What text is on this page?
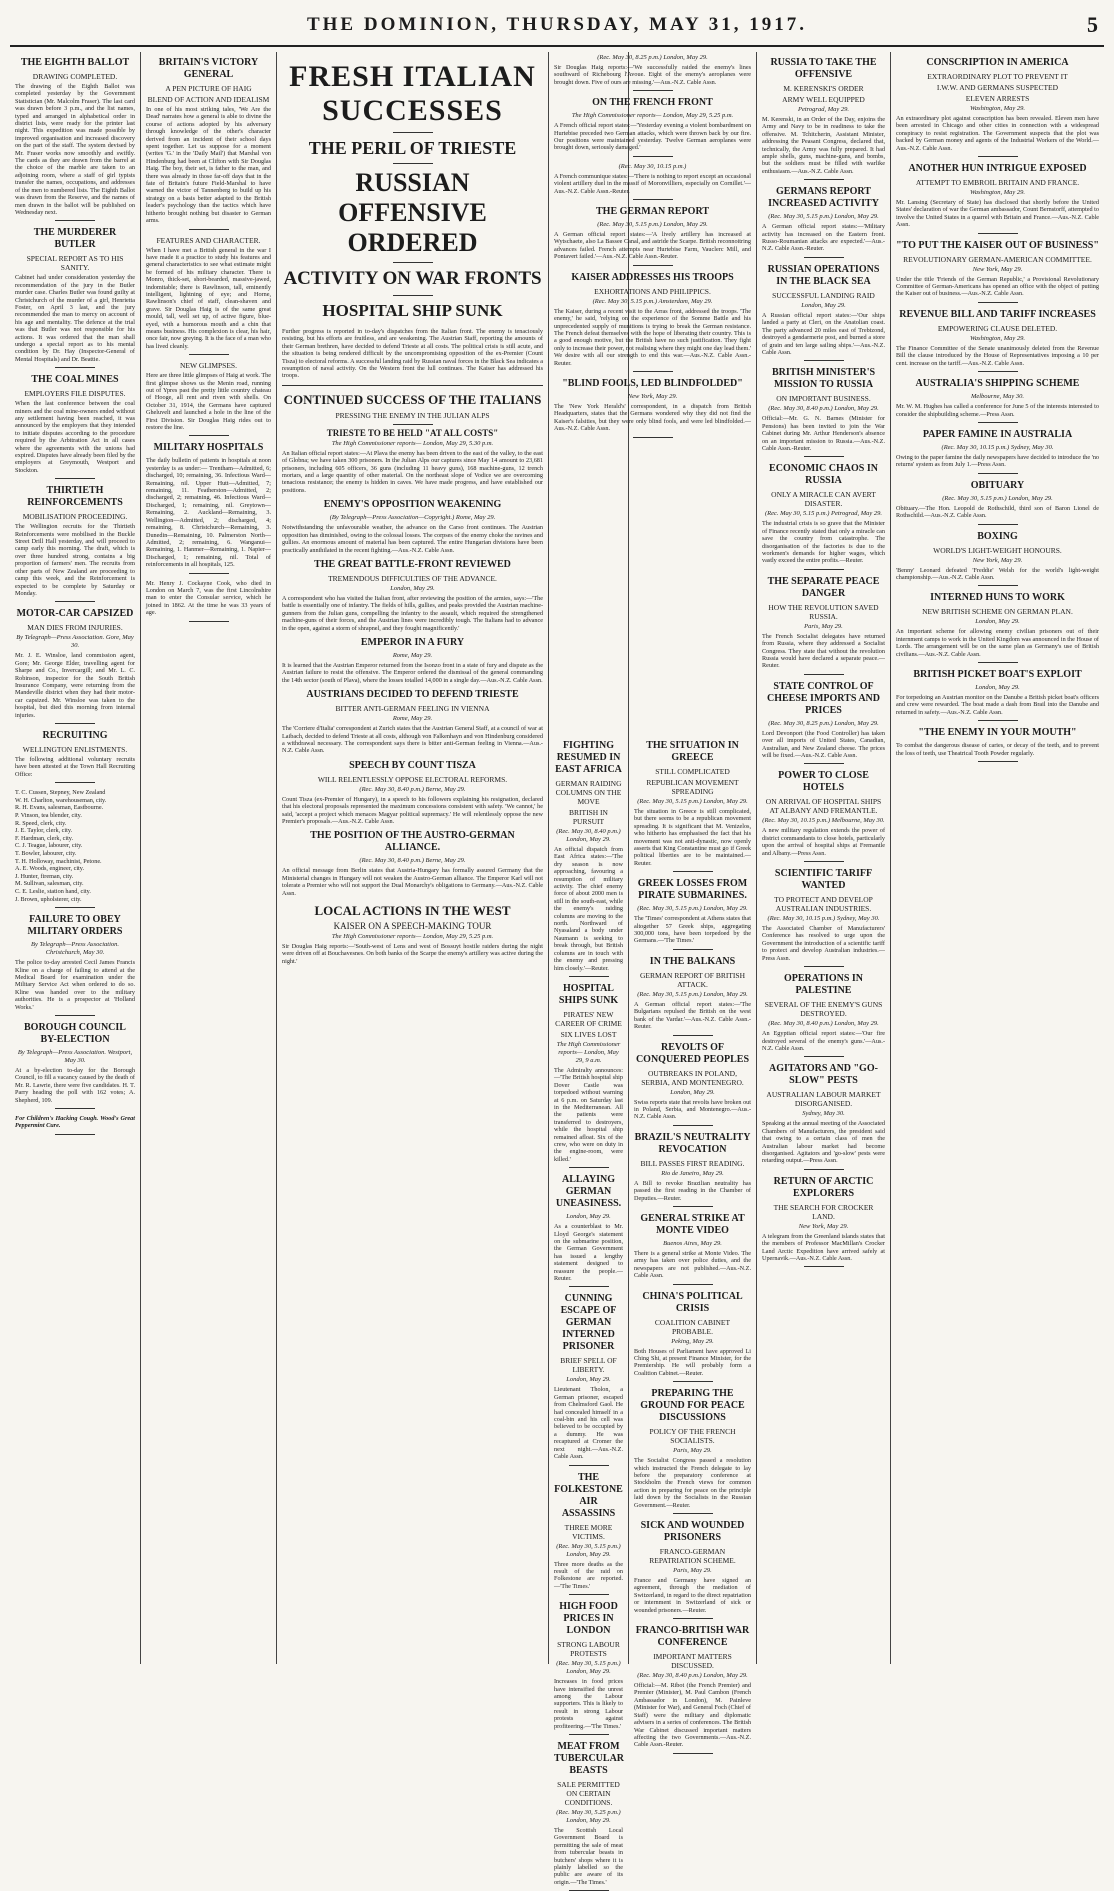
THE DOMINION, THURSDAY, MAY 31, 1917.	5
THE EIGHTH BALLOT
DRAWING COMPLETED.
The drawing of the Eighth Ballot was completed yesterday by the Government Statistician (Mr. Malcolm Fraser). The last card was drawn before 3 p.m., and the list names, typed and arranged in alphabetical order in district lists, were ready for the printer last night. This expedition was made possible by improved organisation and increased discovery on the part of the staff. The system devised by Mr. Fraser works now smoothly and swiftly. The cards as they are drawn from the barrel at the choice of the marble are taken to an adjoining room, where a staff of girl typists transfer the names, occupations, and addresses of the men to numbered lists. The Eighth Ballot was drawn from the Reserve, and the names of men drawn in the ballot will be published on Wednesday next.
THE MURDERER BUTLER
SPECIAL REPORT AS TO HIS SANITY.
Cabinet had under consideration yesterday the recommendation of the jury in the Butler murder case. Charles Butler was found guilty at Christchurch of the murder of a girl, Henrietta Foster, on April 3 last, and the jury recommended the man to mercy on account of his age and mentality. The defence at the trial was that Butler was not responsible for his actions. It was ordered that the man shall undergo a special report as to his mental condition by Dr. Hay (Inspector-General of Mental Hospitals) and Dr. Beattie.
THE COAL MINES
EMPLOYERS FILE DISPUTES.
When the last conference between the coal miners and the coal mine-owners ended without any settlement having been reached, it was announced by the employers that they intended to initiate disputes according to the procedure required by the Arbitration Act in all cases where the agreements with the unions had expired. Disputes have already been filed by the employers at Greymouth, Westport and Stockton.
THIRTIETH REINFORCEMENTS
MOBILISATION PROCEEDING.
The Wellington recruits for the Thirtieth Reinforcements were mobilised in the Buckle Street Drill Hall yesterday, and will proceed to camp early this morning. The draft, which is over three hundred strong, contains a big proportion of farmers' men. The recruits from other parts of New Zealand are proceeding to camp this week, and the Reinforcement is expected to be complete by Saturday or Monday.
MOTOR-CAR CAPSIZED
MAN DIES FROM INJURIES.
By Telegraph—Press Association. Gore, May 30.
Mr. J. E. Winsloe, land commission agent, Gore; Mr. George Elder, travelling agent for Sharpe and Co., Invercargill; and Mr. L. C. Robinson, inspector for the South British Insurance Company, were returning from the Mandeville district when they had their motor-car capsized. Mr. Winsloe was taken to the hospital, but died this morning from internal injuries.
RECRUITING
WELLINGTON ENLISTMENTS.
The following additional voluntary recruits have been attested at the Town Hall Recruiting Office:
T. C. Cussen, Stepney, New Zealand
W. H. Charlton, warehouseman, city.
R. H. Evans, salesman, Eastbourne.
P. Vinson, tea blender, city.
R. Speed, clerk, city.
J. E. Taylor, clerk, city.
F. Hardman, clerk, city.
C. J. Teague, labourer, city.
T. Bowler, labourer, city.
T. H. Holloway, machinist, Petone.
A. E. Woods, engineer, city.
J. Hunter, fireman, city.
M. Sullivan, salesman, city.
C. E. Leslie, station hand, city.
J. Brown, upholsterer, city.
FAILURE TO OBEY MILITARY ORDERS
By Telegraph—Press Association. Christchurch, May 30.
The police to-day arrested Cecil James Francis Kline on a charge of failing to attend at the Medical Board for examination under the Military Service Act when ordered to do so. Kline was handed over to the military authorities. He is a prospector at 'Holland Works.'
BOROUGH COUNCIL BY-ELECTION
By Telegraph—Press Association. Westport, May 30.
At a by-election to-day for the Borough Council, to fill a vacancy caused by the death of Mr. R. Lawrie, there were five candidates. H. T. Parry heading the poll with 162 votes; A. Shepherd, 109.
For Children's Hacking Cough. Wood's Great Peppermint Cure.
BRITAIN'S VICTORY GENERAL
A PEN PICTURE OF HAIG
BLEND OF ACTION AND IDEALISM
In one of his most striking tales, 'We Are the Dead' narrates how a general is able to divine the course of actions adopted by his adversary through knowledge of the other's character derived from an incident of their school days spent together. Let us suppose for a moment (writes 'G.' in the 'Daily Mail') that Marshal von Hindenburg had been at Clifton with Sir Douglas Haig. The boy, their set, is father to the man, and there was already in those far-off days that in the fate of Britain's future Field-Marshal to have warned the victor of Tannenberg to build up his strategy on a basis better adapted to the British leader's psychology than the tactics which have hitherto brought nothing but disaster to German arms.
FEATURES AND CHARACTER.
When I have met a British general in the war I have made it a practice to study his features and general characteristics to see what estimate might be formed of his military character. There is Monro, thick-set, short-bearded, massive-jawed, indomitable; there is Rawlinson, tall, eminently intelligent, lightning of eye; and Horne, Rawlinson's chief of staff, clean-shaven and grave. Sir Douglas Haig is of the same great mould, tall, well set up, of active figure, blue-eyed, with a humorous mouth and a chin that means business. His complexion is clear, his hair, once fair, now greying. It is the face of a man who has lived cleanly.
NEW GLIMPSES.
Here are three little glimpses of Haig at work. The first glimpse shows us the Menin road, running out of Ypres past the pretty little country chateau of Hooge, all rent and riven with shells. On October 31, 1914, the Germans have captured Gheluvelt and launched a hole in the line of the First Division. Sir Douglas Haig rides out to restore the line.
MILITARY HOSPITALS
The daily bulletin of patients in hospitals at noon yesterday is as under:— Trentham—Admitted, 6; discharged, 10; remaining, 36. Infectious Ward—Remaining, nil. Upper Hutt—Admitted, 7; remaining, 11. Featherston—Admitted, 2; discharged, 2; remaining, 46. Infectious Ward—Discharged, 1; remaining, nil. Greytown—Remaining, 2. Auckland—Remaining, 3. Wellington—Admitted, 2; discharged, 4; remaining, 8. Christchurch—Remaining, 3. Dunedin—Remaining, 10. Palmerston North—Admitted, 2; remaining, 6. Wanganui—Remaining, 1. Hanmer—Remaining, 1. Napier—Discharged, 1; remaining, nil. Total of reinforcements in all hospitals, 125.
Mr. Henry J. Cockayne Cook, who died in London on March 7, was the first Lincolnshire man to enter the Consular service, which he joined in 1862. At the time he was 33 years of age.
FRESH ITALIAN SUCCESSES
THE PERIL OF TRIESTE
RUSSIAN OFFENSIVE ORDERED
ACTIVITY ON WAR FRONTS
HOSPITAL SHIP SUNK
Further progress is reported in to-day's dispatches from the Italian front. The enemy is tenaciously resisting, but his efforts are fruitless, and are weakening. The Austrian Staff, reporting the amounts of their German brethren, have decided to defend Trieste at all costs. The political crisis is still acute, and the situation is being rendered difficult by the uncompromising opposition of the ex-Premier (Count Tisza) to electoral reforms. A successful landing raid by Russian naval forces in the Black Sea indicates a resumption of naval activity. On the Western front the lull continues. The Kaiser has addressed his troops.
CONTINUED SUCCESS OF THE ITALIANS
PRESSING THE ENEMY IN THE JULIAN ALPS
TRIESTE TO BE HELD "AT ALL COSTS"
The High Commissioner reports— London, May 29, 5.30 p.m.
An Italian official report states:—At Plava the enemy has been driven to the east of the valley, to the east of Globna; we have taken 300 prisoners. In the Julian Alps our captures since May 14 amount to 23,681 prisoners, including 605 officers, 36 guns (including 11 heavy guns), 168 machine-guns, 12 trench mortars, and a large quantity of other material. On the northeast slope of Vodice we are overcoming tenacious resistance; the enemy is hidden in caves. We have made progress, and have established our positions.
ENEMY'S OPPOSITION WEAKENING
(By Telegraph—Press Association—Copyright.) Rome, May 29.
Notwithstanding the unfavourable weather, the advance on the Carso front continues. The Austrian opposition has diminished, owing to the colossal losses. The corpses of the enemy choke the ravines and gullies. An enormous amount of material has been captured. The entire Hungarian divisions have been practically annihilated in the recent fighting.—Aus.-N.Z. Cable Assn.
THE GREAT BATTLE-FRONT REVIEWED
TREMENDOUS DIFFICULTIES OF THE ADVANCE.
London, May 29.
A correspondent who has visited the Italian front, after reviewing the position of the armies, says:—'The battle is essentially one of infantry. The fields of hills, gullies, and peaks provided the Austrian machine-gunners from the Julian guns, compelling the infantry to the assault, which required the strengthened machine-guns of their forces, and the Austrian lines were incredibly tough. The Italians had to advance in the open, against a storm of shrapnel, and they fought magnificently.'
EMPEROR IN A FURY
Rome, May 29.
It is learned that the Austrian Emperor returned from the Isonzo front in a state of fury and dispute as the Austrian failure to resist the offensive. The Emperor ordered the dismissal of the general commanding the 14th sector (south of Plava), where the losses totalled 14,000 in a single day.—Aus.-N.Z. Cable Assn.
AUSTRIANS DECIDED TO DEFEND TRIESTE
BITTER ANTI-GERMAN FEELING IN VIENNA
Rome, May 29.
The 'Corriere d'Italia' correspondent at Zurich states that the Austrian General Staff, at a council of war at Laibach, decided to defend Trieste at all costs, although von Falkenhayn and von Hindenburg considered a withdrawal necessary. The correspondent says there is bitter anti-German feeling in Vienna.—Aus.-N.Z. Cable Assn.
SPEECH BY COUNT TISZA
WILL RELENTLESSLY OPPOSE ELECTORAL REFORMS.
(Rec. May 30, 8.40 p.m.) Berne, May 29.
Count Tisza (ex-Premier of Hungary), in a speech to his followers explaining his resignation, declared that his electoral proposals represented the maximum concessions consistent with safety. 'We cannot,' he said, 'accept a project which menaces Magyar political supremacy.' He will relentlessly oppose the new Premier's proposals.—Aus.-N.Z. Cable Assn.
THE POSITION OF THE AUSTRO-GERMAN ALLIANCE.
(Rec. May 30, 8.40 p.m.) Berne, May 29.
An official message from Berlin states that Austria-Hungary has formally assured Germany that the Ministerial changes in Hungary will not weaken the Austro-German alliance. The Emperor Karl will not tolerate a Premier who will not support the Dual Monarchy's obligations to Germany.—Aus.-N.Z. Cable Assn.
LOCAL ACTIONS IN THE WEST
KAISER ON A SPEECH-MAKING TOUR
The High Commissioner reports— London, May 29, 5.25 p.m.
Sir Douglas Haig reports:—'South-west of Lens and west of Bossuyt hostile raiders during the night were driven off at Bouchavesnes. On both banks of the Scarpe the enemy's artillery was active during the night.'
(Rec. May 30, 8.25 p.m.) London, May 29.
Sir Douglas Haig reports:—'We successfully raided the enemy's lines southward of Richebourg l'Avoue. Eight of the enemy's aeroplanes were brought down. Five of ours are missing.'—Aus.-N.Z. Cable Assn.
ON THE FRENCH FRONT
The High Commissioner reports— London, May 29, 5.25 p.m.
A French official report states:—'Yesterday evening a violent bombardment on Hurtebise preceded two German attacks, which were thrown back by our fire. Our positions were maintained yesterday. Twelve German aeroplanes were brought down, seriously damaged.'
(Rec. May 30, 10.15 p.m.)
A French communique states:—'There is nothing to report except an occasional violent artillery duel in the massif of Moronvilliers, especially on Cornillet.'—Aus.-N.Z. Cable Assn.-Reuter.
THE GERMAN REPORT
(Rec. May 30, 5.15 p.m.) London, May 29.
A German official report states:—'A lively artillery has increased at Wytschaete, also La Bassee Canal, and astride the Scarpe. British reconnoitring advances failed. French attempts near Hurtebise Farm, Vauclerc Mill, and Pontavert failed.'—Aus.-N.Z. Cable Assn.-Reuter.
KAISER ADDRESSES HIS TROOPS
EXHORTATIONS AND PHILIPPICS.
(Rec. May 30, 5.15 p.m.) Amsterdam, May 29.
The Kaiser, during a recent visit to the Arras front, addressed the troops. 'The enemy,' he said, 'relying on the experience of the Somme Battle and his unprecedented supply of munitions is trying to break the German resistance. The French defeat themselves with the hope of liberating their country. This is a good enough motive, but the British have no such justification. They fight only to increase their power, not realising where they might one day lead them.' We desire with all our strength to end this war.—Aus.-N.Z. Cable Assn.-Reuter.
"BLIND FOOLS, LED BLINDFOLDED"
New York, May 29.
The 'New York Herald's' correspondent, in a dispatch from British Headquarters, states that the Germans wondered why they did not find the Kaiser's falsities, but they were only blind fools, and were led blindfolded.—Aus.-N.Z. Cable Assn.
FIGHTING RESUMED IN EAST AFRICA
GERMAN RAIDING COLUMNS ON THE MOVE
BRITISH IN PURSUIT
(Rec. May 30, 8.40 p.m.) London, May 29.
An official dispatch from East Africa states:—'The dry season is now approaching, favouring a resumption of military activity. The chief enemy force of about 2000 men is still in the south-east, while the enemy's raiding columns are moving to the north. Northward of Nyasaland a body under Naumann is seeking to break through, but British columns are in touch with the enemy and pressing him closely.'—Reuter.
HOSPITAL SHIPS SUNK
PIRATES' NEW CAREER OF CRIME
SIX LIVES LOST
The High Commissioner reports— London, May 29, 9 a.m.
The Admiralty announces:—'The British hospital ship Dover Castle was torpedoed without warning at 6 p.m. on Saturday last in the Mediterranean. All the patients were transferred to destroyers, while the hospital ship remained afloat. Six of the crew, who were on duty in the engine-room, were killed.'
ALLAYING GERMAN UNEASINESS.
London, May 29.
As a counterblast to Mr. Lloyd George's statement on the submarine position, the German Government has issued a lengthy statement designed to reassure the people.—Reuter.
CUNNING ESCAPE OF GERMAN INTERNED PRISONER
BRIEF SPELL OF LIBERTY.
London, May 29.
Lieutenant Tholon, a German prisoner, escaped from Chelmsford Gaol. He had concealed himself in a coal-bin and his cell was believed to be occupied by a dummy. He was recaptured at Cromer the next night.—Aus.-N.Z. Cable Assn.
THE FOLKESTONE AIR ASSASSINS
THREE MORE VICTIMS.
(Rec. May 30, 5.15 p.m.) London, May 29.
Three more deaths as the result of the raid on Folkestone are reported.—'The Times.'
HIGH FOOD PRICES IN LONDON
STRONG LABOUR PROTESTS
(Rec. May 30, 5.15 p.m.) London, May 29.
Increases in food prices have intensified the unrest among the Labour supporters. This is likely to result in strong Labour protests against profiteering.—'The Times.'
MEAT FROM TUBERCULAR BEASTS
SALE PERMITTED ON CERTAIN CONDITIONS.
(Rec. May 30, 5.25 p.m.) London, May 29.
The Scottish Local Government Board is permitting the sale of meat from tubercular beasts in butchers' shops where it is plainly labelled so the public are aware of its origin.—'The Times.'
THE SITUATION IN GREECE
STILL COMPLICATED
REPUBLICAN MOVEMENT SPREADING
(Rec. May 30, 5.15 p.m.) London, May 29.
The situation in Greece is still complicated, but there seems to be a republican movement spreading. It is significant that M. Venizelos, who hitherto has emphasised the fact that his movement was not anti-dynastic, now openly asserts that King Constantine must go if Greek political liberties are to be maintained.—Reuter.
GREEK LOSSES FROM PIRATE SUBMARINES.
(Rec. May 30, 5.15 p.m.) London, May 29.
The 'Times' correspondent at Athens states that altogether 57 Greek ships, aggregating 300,000 tons, have been torpedoed by the Germans.—'The Times.'
IN THE BALKANS
GERMAN REPORT OF BRITISH ATTACK.
(Rec. May 30, 5.15 p.m.) London, May 29.
A German official report states:—'The Bulgarians repulsed the British on the west bank of the Vardar.'—Aus.-N.Z. Cable Assn.-Reuter.
REVOLTS OF CONQUERED PEOPLES
OUTBREAKS IN POLAND, SERBIA, AND MONTENEGRO.
London, May 29.
Swiss reports state that revolts have broken out in Poland, Serbia, and Montenegro.—Aus.-N.Z. Cable Assn.
BRAZIL'S NEUTRALITY REVOCATION
BILL PASSES FIRST READING.
Rio de Janeiro, May 29.
A Bill to revoke Brazilian neutrality has passed the first reading in the Chamber of Deputies.—Reuter.
GENERAL STRIKE AT MONTE VIDEO
Buenos Aires, May 29.
There is a general strike at Monte Video. The army has taken over police duties, and the newspapers are not published.—Aus.-N.Z. Cable Assn.
CHINA'S POLITICAL CRISIS
COALITION CABINET PROBABLE.
Peking, May 29.
Both Houses of Parliament have approved Li Ching Shi, at present Finance Minister, for the Premiership. He will probably form a Coalition Cabinet.—Reuter.
PREPARING THE GROUND FOR PEACE DISCUSSIONS
POLICY OF THE FRENCH SOCIALISTS.
Paris, May 29.
The Socialist Congress passed a resolution which instructed the French delegate to lay before the preparatory conference at Stockholm the French views for common action in preparing for peace on the principle laid down by the Socialists in the Russian Government.—Reuter.
SICK AND WOUNDED PRISONERS
FRANCO-GERMAN REPATRIATION SCHEME.
Paris, May 29.
France and Germany have signed an agreement, through the mediation of Switzerland, in regard to the direct repatriation or internment in Switzerland of sick or wounded prisoners.—Reuter.
FRANCO-BRITISH WAR CONFERENCE
IMPORTANT MATTERS DISCUSSED.
(Rec. May 30, 8.40 p.m.) London, May 29.
Official:—M. Ribot (the French Premier) and Premier (Minister), M. Paul Cambon (French Ambassador in London), M. Painleve (Minister for War), and General Foch (Chief of Staff) were the military and diplomatic advisers in a series of conferences. The British War Cabinet discussed important matters affecting the two Governments.—Aus.-N.Z. Cable Assn.-Reuter.
RUSSIA TO TAKE THE OFFENSIVE
M. KERENSKI'S ORDER
ARMY WELL EQUIPPED
Petrograd, May 29.
M. Kerenski, in an Order of the Day, enjoins the Army and Navy to be in readiness to take the offensive. M. Tchitcherin, Assistant Minister, addressing the Peasant Congress, declared that, technically, the Army was fully prepared. It had ample shells, guns, machine-guns, and bombs, but the soldiers must be filled with warlike enthusiasm.—Aus.-N.Z. Cable Assn.
GERMANS REPORT INCREASED ACTIVITY
(Rec. May 30, 5.15 p.m.) London, May 29.
A German official report states:—'Military activity has increased on the Eastern front. Russo-Roumanian attacks are expected.'—Aus.-N.Z. Cable Assn.-Reuter.
RUSSIAN OPERATIONS IN THE BLACK SEA
SUCCESSFUL LANDING RAID
London, May 29.
A Russian official report states:—'Our ships landed a party at Cleri, on the Anatolian coast. The party advanced 20 miles east of Trebizond, destroyed a gendarmerie post, and burned a store of grain and ten large sailing ships.'—Aus.-N.Z. Cable Assn.
BRITISH MINISTER'S MISSION TO RUSSIA
ON IMPORTANT BUSINESS.
(Rec. May 30, 8.40 p.m.) London, May 29.
Official:—Mr. G. N. Barnes (Minister for Pensions) has been invited to join the War Cabinet during Mr. Arthur Henderson's absence on an important mission to Russia.—Aus.-N.Z. Cable Assn.-Reuter.
ECONOMIC CHAOS IN RUSSIA
ONLY A MIRACLE CAN AVERT DISASTER.
(Rec. May 30, 5.15 p.m.) Petrograd, May 29.
The industrial crisis is so grave that the Minister of Finance recently stated that only a miracle can save the country from catastrophe. The disorganisation of the factories is due to the workmen's demands for higher wages, which vastly exceed the entire profits.—Reuter.
THE SEPARATE PEACE DANGER
HOW THE REVOLUTION SAVED RUSSIA.
Paris, May 29.
The French Socialist delegates have returned from Russia, where they addressed a Socialist Congress. They state that without the revolution Russia would have declared a separate peace.—Reuter.
STATE CONTROL OF CHEESE IMPORTS AND PRICES
(Rec. May 30, 8.25 p.m.) London, May 29.
Lord Devonport (the Food Controller) has taken over all imports of United States, Canadian, Australian, and New Zealand cheese. The prices will be fixed.—Aus.-N.Z. Cable Assn.
POWER TO CLOSE HOTELS
ON ARRIVAL OF HOSPITAL SHIPS AT ALBANY AND FREMANTLE.
(Rec. May 30, 10.15 p.m.) Melbourne, May 30.
A new military regulation extends the power of district commandants to close hotels, particularly upon the arrival of hospital ships at Fremantle and Albany.—Press Assn.
SCIENTIFIC TARIFF WANTED
TO PROTECT AND DEVELOP AUSTRALIAN INDUSTRIES.
(Rec. May 30, 10.15 p.m.) Sydney, May 30.
The Associated Chamber of Manufacturers' Conference has resolved to urge upon the Government the introduction of a scientific tariff to protect and develop Australian industries.—Press Assn.
OPERATIONS IN PALESTINE
SEVERAL OF THE ENEMY'S GUNS DESTROYED.
(Rec. May 30, 8.40 p.m.) London, May 29.
An Egyptian official report states:—'Our fire destroyed several of the enemy's guns.'—Aus.-N.Z. Cable Assn.
AGITATORS AND "GO-SLOW" PESTS
AUSTRALIAN LABOUR MARKET DISORGANISED.
Sydney, May 30.
Speaking at the annual meeting of the Associated Chambers of Manufacturers, the president said that owing to a certain class of men the Australian labour market had become disorganised. Agitators and 'go-slow' pests were retarding output.—Press Assn.
RETURN OF ARCTIC EXPLORERS
THE SEARCH FOR CROCKER LAND.
New York, May 29.
A telegram from the Greenland islands states that the members of Professor MacMillan's Crocker Land Arctic Expedition have arrived safely at Upernavik.—Aus.-N.Z. Cable Assn.
CONSCRIPTION IN AMERICA
EXTRAORDINARY PLOT TO PREVENT IT
I.W.W. AND GERMANS SUSPECTED
ELEVEN ARRESTS
Washington, May 29.
An extraordinary plot against conscription has been revealed. Eleven men have been arrested in Chicago and other cities in connection with a widespread conspiracy to resist registration. The Government suspects that the plot was backed by German money and agents of the Industrial Workers of the World.—Aus.-N.Z. Cable Assn.
ANOTHER HUN INTRIGUE EXPOSED
ATTEMPT TO EMBROIL BRITAIN AND FRANCE.
Washington, May 29.
Mr. Lansing (Secretary of State) has disclosed that shortly before the United States' declaration of war the German ambassador, Count Bernstorff, attempted to involve the United States in a quarrel with Britain and France.—Aus.-N.Z. Cable Assn.
"TO PUT THE KAISER OUT OF BUSINESS"
REVOLUTIONARY GERMAN-AMERICAN COMMITTEE.
New York, May 29.
Under the title 'Friends of the German Republic,' a Provisional Revolutionary Committee of German-Americans has opened an office with the object of putting the Kaiser out of business.—Aus.-N.Z. Cable Assn.
REVENUE BILL AND TARIFF INCREASES
EMPOWERING CLAUSE DELETED.
Washington, May 29.
The Finance Committee of the Senate unanimously deleted from the Revenue Bill the clause introduced by the House of Representatives imposing a 10 per cent. increase on the tariff.—Aus.-N.Z. Cable Assn.
AUSTRALIA'S SHIPPING SCHEME
Melbourne, May 30.
Mr. W. M. Hughes has called a conference for June 5 of the interests interested to consider the shipbuilding scheme.—Press Assn.
PAPER FAMINE IN AUSTRALIA
(Rec. May 30, 10.15 p.m.) Sydney, May 30.
Owing to the paper famine the daily newspapers have decided to introduce the 'no returns' system as from July 1.—Press Assn.
OBITUARY
(Rec. May 30, 5.15 p.m.) London, May 29.
Obituary.—The Hon. Leopold de Rothschild, third son of Baron Lionel de Rothschild.—Aus.-N.Z. Cable Assn.
BOXING
WORLD'S LIGHT-WEIGHT HONOURS.
New York, May 29.
'Benny' Leonard defeated 'Freddie' Welsh for the world's light-weight championship.—Aus.-N.Z. Cable Assn.
INTERNED HUNS TO WORK
NEW BRITISH SCHEME ON GERMAN PLAN.
London, May 29.
An important scheme for allowing enemy civilian prisoners out of their internment camps to work in the United Kingdom was announced in the House of Lords. The arrangement will be on the same plan as Germany's use of British civilians.—Aus.-N.Z. Cable Assn.
BRITISH PICKET BOAT'S EXPLOIT
London, May 29.
For torpedoing an Austrian monitor on the Danube a British picket boat's officers and crew were rewarded. The boat made a dash from Brail into the Danube and returned in safety.—Aus.-N.Z. Cable Assn.
"THE ENEMY IN YOUR MOUTH"
To combat the dangerous disease of caries, or decay of the teeth, and to prevent the loss of teeth, use Theatrical Tooth Powder regularly.
